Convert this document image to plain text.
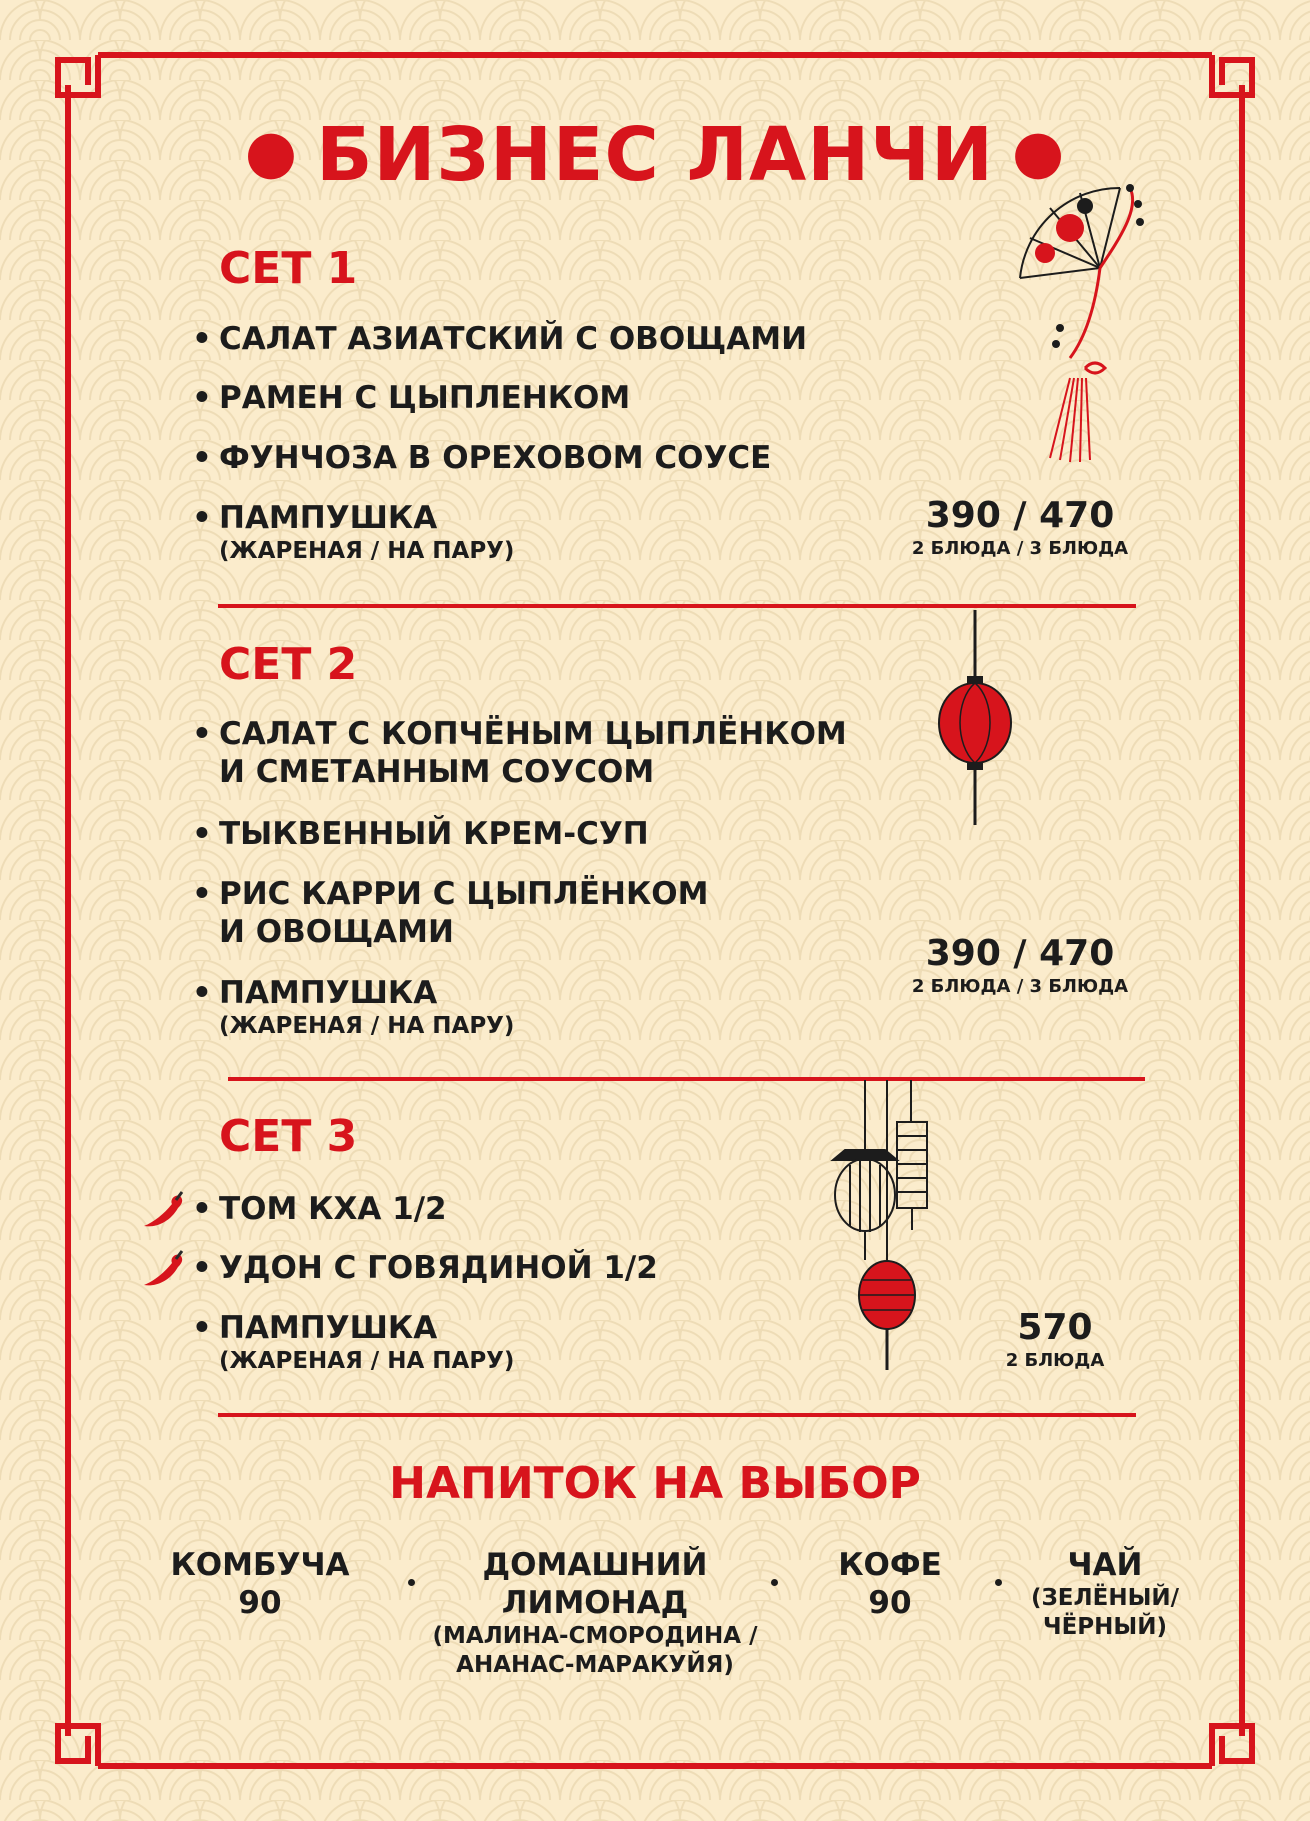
● БИЗНЕС ЛАНЧИ ●
СЕТ 1
• САЛАТ АЗИАТСКИЙ С ОВОЩАМИ
• РАМЕН С ЦЫПЛЕНКОМ
• ФУНЧОЗА В ОРЕХОВОМ СОУСЕ
• ПАМПУШКА
(ЖАРЕНАЯ / НА ПАРУ)
390 / 470
2 БЛЮДА / 3 БЛЮДА
СЕТ 2
• САЛАТ С КОПЧЁНЫМ ЦЫПЛЁНКОМ
И СМЕТАННЫМ СОУСОМ
• ТЫКВЕННЫЙ КРЕМ-СУП
• РИС КАРРИ С ЦЫПЛЁНКОМ
И ОВОЩАМИ
• ПАМПУШКА
(ЖАРЕНАЯ / НА ПАРУ)
390 / 470
2 БЛЮДА / 3 БЛЮДА
СЕТ 3
• ТОМ КХА 1/2
• УДОН С ГОВЯДИНОЙ 1/2
• ПАМПУШКА
(ЖАРЕНАЯ / НА ПАРУ)
570
2 БЛЮДА
НАПИТОК НА ВЫБОР
КОМБУЧА
90
ДОМАШНИЙ
ЛИМОНАД
(МАЛИНА-СМОРОДИНА /
АНАНАС-МАРАКУЙЯ)
КОФЕ
90
ЧАЙ
(ЗЕЛЁНЫЙ/
ЧЁРНЫЙ)
